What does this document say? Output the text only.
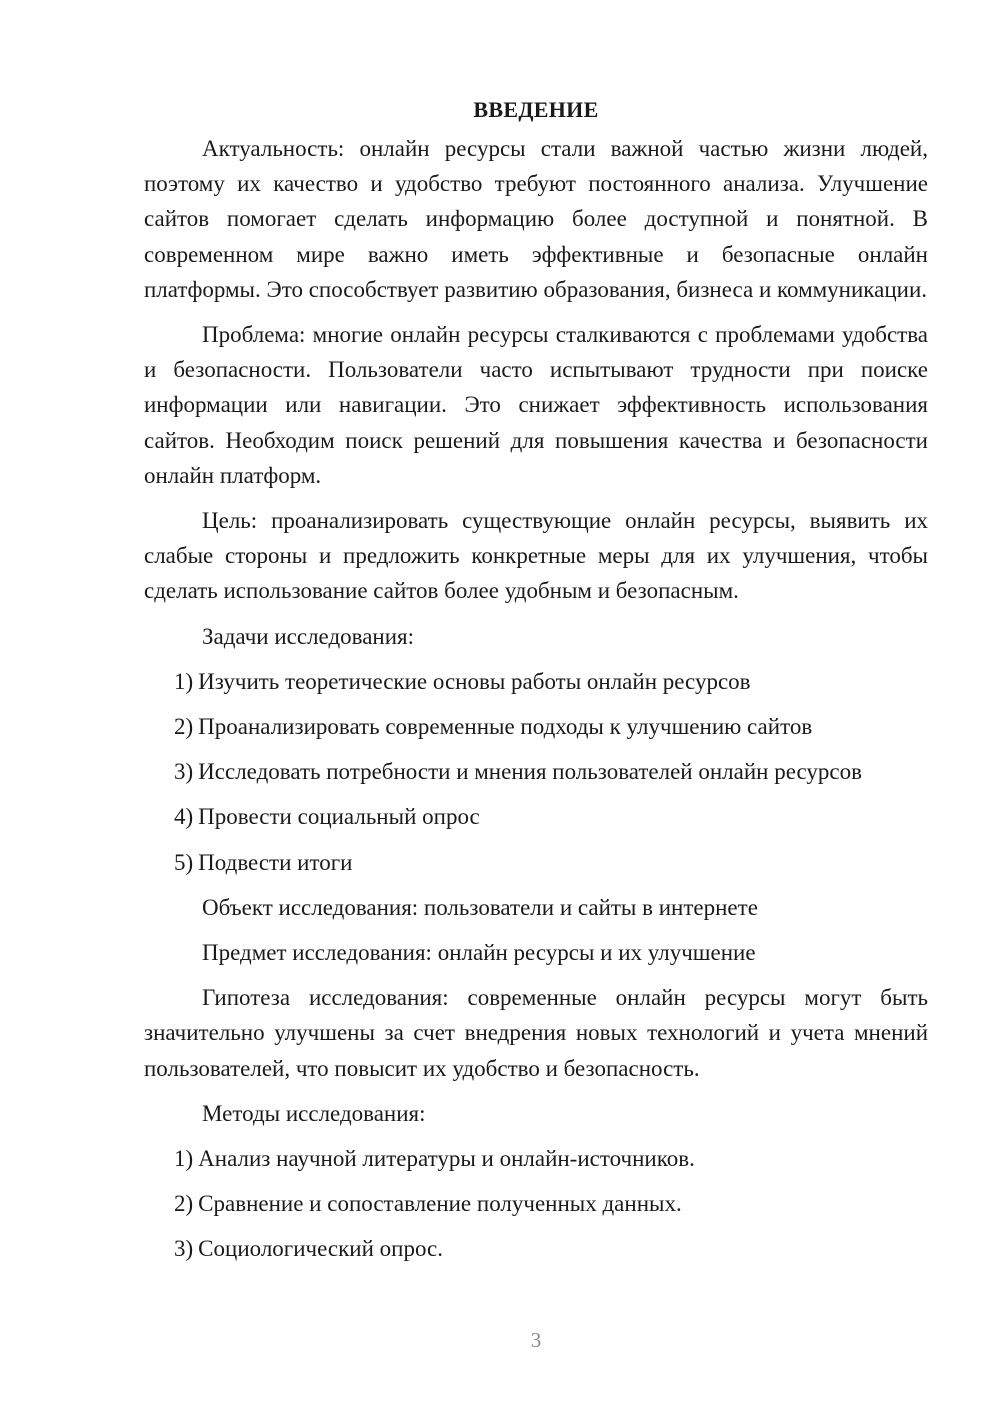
ВВЕДЕНИЕ

Актуальность: онлайн ресурсы стали важной частью жизни людей, поэтому их качество и удобство требуют постоянного анализа. Улучшение сайтов помогает сделать информацию более доступной и понятной. В современном мире важно иметь эффективные и безопасные онлайн платформы. Это способствует развитию образования, бизнеса и коммуникации.

Проблема: многие онлайн ресурсы сталкиваются с проблемами удобства и безопасности. Пользователи часто испытывают трудности при поиске информации или навигации. Это снижает эффективность использования сайтов. Необходим поиск решений для повышения качества и безопасности онлайн платформ.

Цель: проанализировать существующие онлайн ресурсы, выявить их слабые стороны и предложить конкретные меры для их улучшения, чтобы сделать использование сайтов более удобным и безопасным.

Задачи исследования:

1) Изучить теоретические основы работы онлайн ресурсов

2) Проанализировать современные подходы к улучшению сайтов

3) Исследовать потребности и мнения пользователей онлайн ресурсов

4) Провести социальный опрос

5) Подвести итоги

Объект исследования: пользователи и сайты в интернете

Предмет исследования: онлайн ресурсы и их улучшение

Гипотеза исследования: современные онлайн ресурсы могут быть значительно улучшены за счет внедрения новых технологий и учета мнений пользователей, что повысит их удобство и безопасность.

Методы исследования:

1) Анализ научной литературы и онлайн-источников.

2) Сравнение и сопоставление полученных данных.

3) Социологический опрос.

3
